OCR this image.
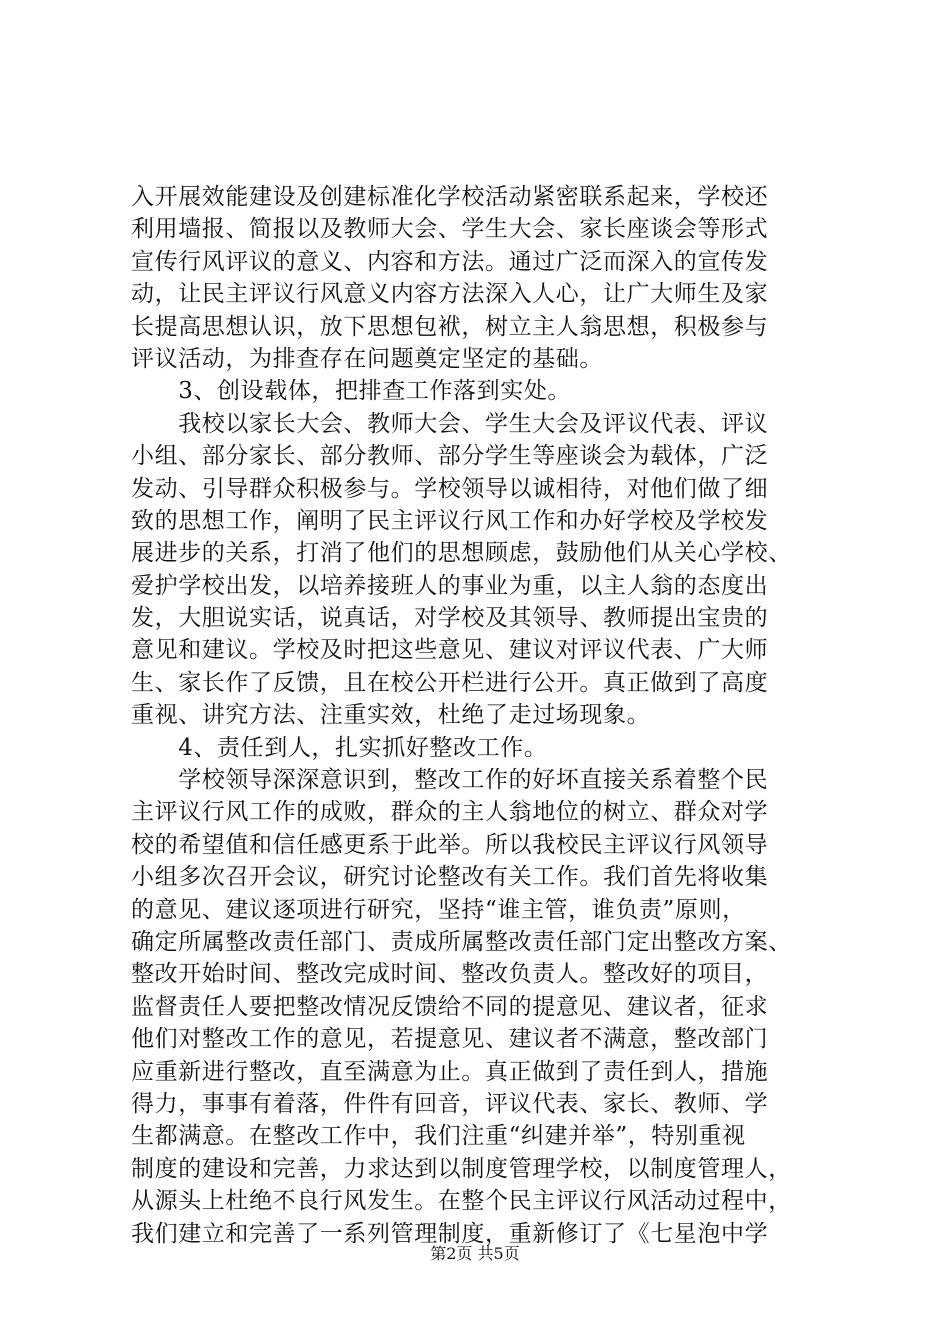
入开展效能建设及创建标准化学校活动紧密联系起来，学校还
利用墙报、简报以及教师大会、学生大会、家长座谈会等形式
宣传行风评议的意义、内容和方法。通过广泛而深入的宣传发
动，让民主评议行风意义内容方法深入人心，让广大师生及家
长提高思想认识，放下思想包袱，树立主人翁思想，积极参与
评议活动，为排查存在问题奠定坚定的基础。
　　3、创设载体，把排查工作落到实处。
　　我校以家长大会、教师大会、学生大会及评议代表、评议
小组、部分家长、部分教师、部分学生等座谈会为载体，广泛
发动、引导群众积极参与。学校领导以诚相待，对他们做了细
致的思想工作，阐明了民主评议行风工作和办好学校及学校发
展进步的关系，打消了他们的思想顾虑，鼓励他们从关心学校、
爱护学校出发，以培养接班人的事业为重，以主人翁的态度出
发，大胆说实话，说真话，对学校及其领导、教师提出宝贵的
意见和建议。学校及时把这些意见、建议对评议代表、广大师
生、家长作了反馈，且在校公开栏进行公开。真正做到了高度
重视、讲究方法、注重实效，杜绝了走过场现象。
　　4、责任到人，扎实抓好整改工作。
　　学校领导深深意识到，整改工作的好坏直接关系着整个民
主评议行风工作的成败，群众的主人翁地位的树立、群众对学
校的希望值和信任感更系于此举。所以我校民主评议行风领导
小组多次召开会议，研究讨论整改有关工作。我们首先将收集
的意见、建议逐项进行研究，坚持“谁主管，谁负责”原则，
确定所属整改责任部门、责成所属整改责任部门定出整改方案、
整改开始时间、整改完成时间、整改负责人。整改好的项目，
监督责任人要把整改情况反馈给不同的提意见、建议者，征求
他们对整改工作的意见，若提意见、建议者不满意，整改部门
应重新进行整改，直至满意为止。真正做到了责任到人，措施
得力，事事有着落，件件有回音，评议代表、家长、教师、学
生都满意。在整改工作中，我们注重“纠建并举”，特别重视
制度的建设和完善，力求达到以制度管理学校，以制度管理人，
从源头上杜绝不良行风发生。在整个民主评议行风活动过程中，
我们建立和完善了一系列管理制度，重新修订了《七星泡中学
第2页 共5页
